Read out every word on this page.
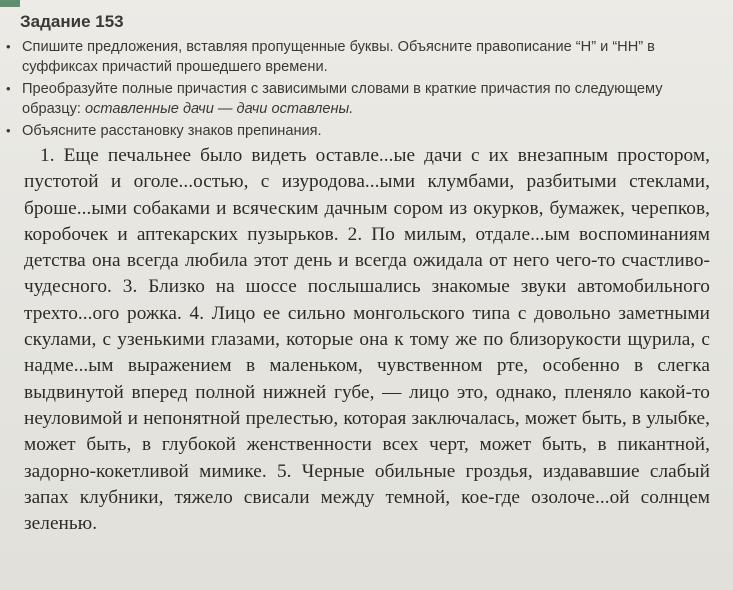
Задание 153
• Спишите предложения, вставляя пропущенные буквы. Объясните правописание “Н” и “НН” в суффиксах причастий прошедшего времени.
• Преобразуйте полные причастия с зависимыми словами в краткие причастия по следующему образцу: оставленные дачи — дачи оставлены.
• Объясните расстановку знаков препинания.

1. Еще печальнее было видеть оставле...ые дачи с их внезапным простором, пустотой и оголе...остью, с изуродова...ыми клумбами, разбитыми стеклами, броше...ыми собаками и всяческим дачным сором из окурков, бумажек, черепков, коробочек и аптекарских пузырьков. 2. По милым, отдале...ым воспоминаниям детства она всегда любила этот день и всегда ожидала от него чего-то счастливо-чудесного. 3. Близко на шоссе послышались знакомые звуки автомобильного трехто...ого рожка. 4. Лицо ее сильно монгольского типа с довольно заметными скулами, с узенькими глазами, которые она к тому же по близорукости щурила, с надме...ым выражением в маленьком, чувственном рте, особенно в слегка выдвинутой вперед полной нижней губе, — лицо это, однако, пленяло какой-то неуловимой и непонятной прелестью, которая заключалась, может быть, в улыбке, может быть, в глубокой женственности всех черт, может быть, в пикантной, задорно-кокетливой мимике. 5. Черные обильные гроздья, издававшие слабый запах клубники, тяжело свисали между темной, кое-где озолоче...ой солнцем зеленью.
